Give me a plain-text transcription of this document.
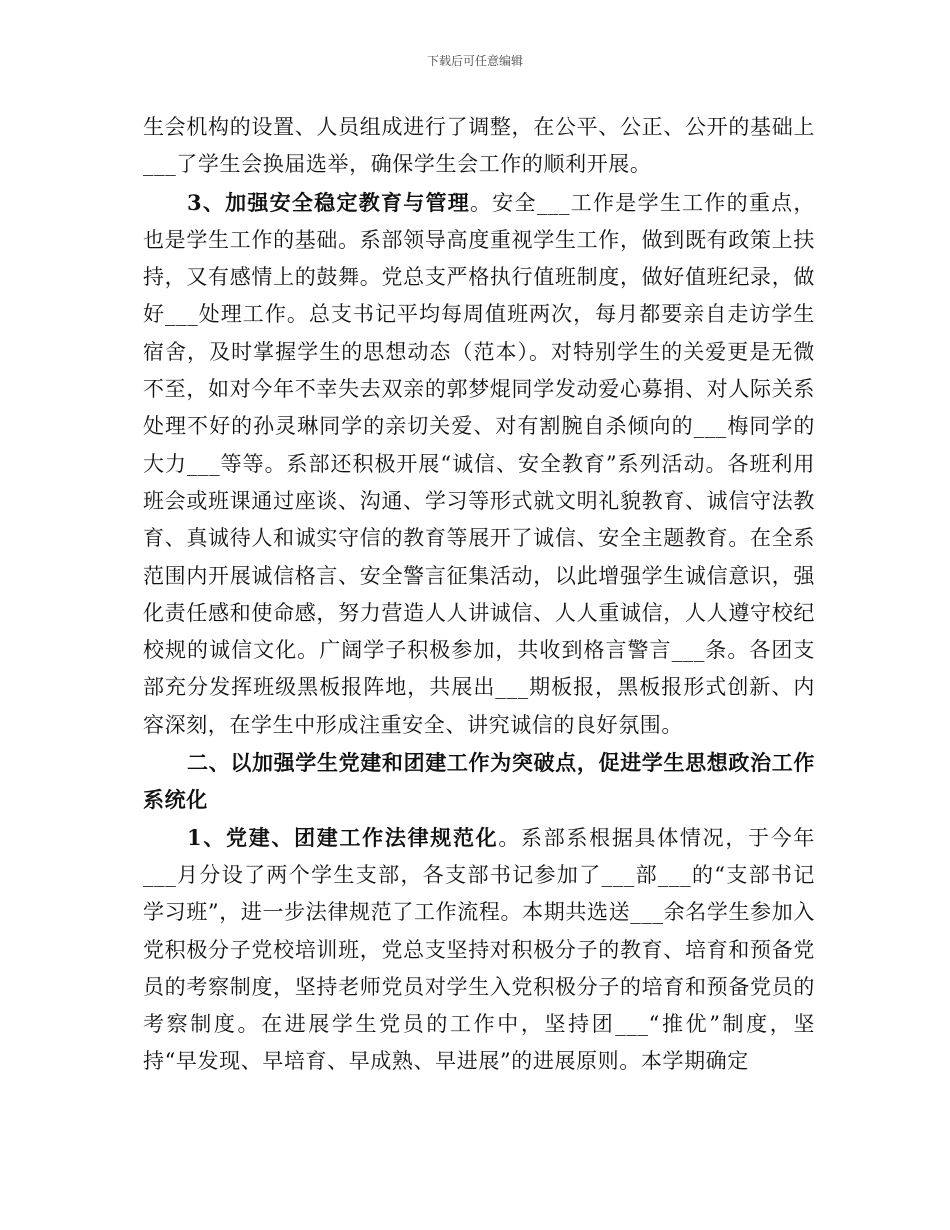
下载后可任意编辑

生会机构的设置、人员组成进行了调整，在公平、公正、公开的基础上___了学生会换届选举，确保学生会工作的顺利开展。

3、加强安全稳定教育与管理。安全___工作是学生工作的重点，也是学生工作的基础。系部领导高度重视学生工作，做到既有政策上扶持，又有感情上的鼓舞。党总支严格执行值班制度，做好值班纪录，做好___处理工作。总支书记平均每周值班两次，每月都要亲自走访学生宿舍，及时掌握学生的思想动态（范本）。对特别学生的关爱更是无微不至，如对今年不幸失去双亲的郭梦焜同学发动爱心募捐、对人际关系处理不好的孙灵琳同学的亲切关爱、对有割腕自杀倾向的___梅同学的大力___等等。系部还积极开展“诚信、安全教育”系列活动。各班利用班会或班课通过座谈、沟通、学习等形式就文明礼貌教育、诚信守法教育、真诚待人和诚实守信的教育等展开了诚信、安全主题教育。在全系范围内开展诚信格言、安全警言征集活动，以此增强学生诚信意识，强化责任感和使命感，努力营造人人讲诚信、人人重诚信，人人遵守校纪校规的诚信文化。广阔学子积极参加，共收到格言警言___条。各团支部充分发挥班级黑板报阵地，共展出___期板报，黑板报形式创新、内容深刻，在学生中形成注重安全、讲究诚信的良好氛围。

二、以加强学生党建和团建工作为突破点，促进学生思想政治工作系统化

1、党建、团建工作法律规范化。系部系根据具体情况，于今年___月分设了两个学生支部，各支部书记参加了___部___的“支部书记学习班”，进一步法律规范了工作流程。本期共选送___余名学生参加入党积极分子党校培训班，党总支坚持对积极分子的教育、培育和预备党员的考察制度，坚持老师党员对学生入党积极分子的培育和预备党员的考察制度。在进展学生党员的工作中，坚持团___“推优”制度，坚持“早发现、早培育、早成熟、早进展”的进展原则。本学期确定
